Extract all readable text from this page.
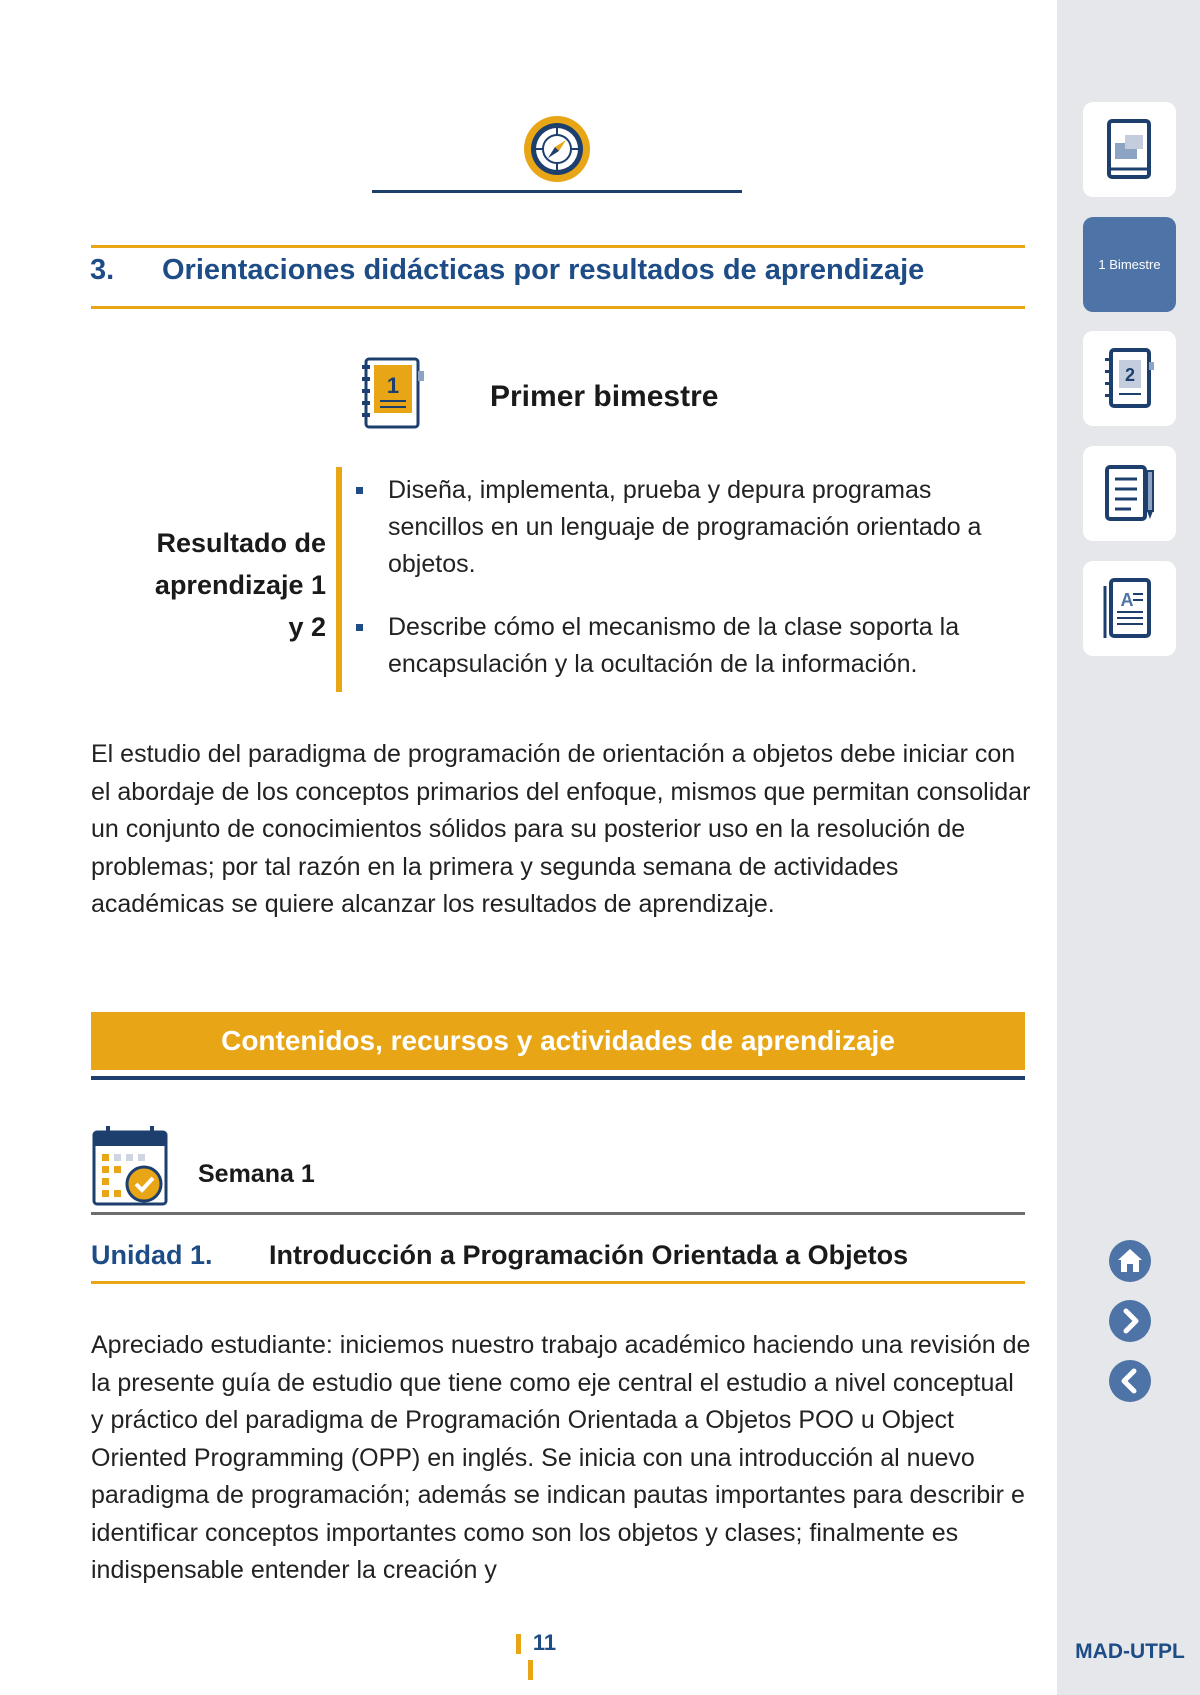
3. Orientaciones didácticas por resultados de aprendizaje
1	Primer bimestre
Resultado de
aprendizaje 1
y 2
Diseña, implementa, prueba y depura programas sencillos en un lenguaje de programación orientado a objetos.
Describe cómo el mecanismo de la clase soporta la encapsulación y la ocultación de la información.

El estudio del paradigma de programación de orientación a objetos debe iniciar con el abordaje de los conceptos primarios del enfoque, mismos que permitan consolidar un conjunto de conocimientos sólidos para su posterior uso en la resolución de problemas; por tal razón en la primera y segunda semana de actividades académicas se quiere alcanzar los resultados de aprendizaje.

Contenidos, recursos y actividades de aprendizaje
Semana 1
Unidad 1. Introducción a Programación Orientada a Objetos

Apreciado estudiante: iniciemos nuestro trabajo académico haciendo una revisión de la presente guía de estudio que tiene como eje central el estudio a nivel conceptual y práctico del paradigma de Programación Orientada a Objetos POO u Object Oriented Programming (OPP) en inglés. Se inicia con una introducción al nuevo paradigma de programación; además se indican pautas importantes para describir e identificar conceptos importantes como son los objetos y clases; finalmente es indispensable entender la creación y

11
1 Bimestre
2
A
MAD-UTPL
